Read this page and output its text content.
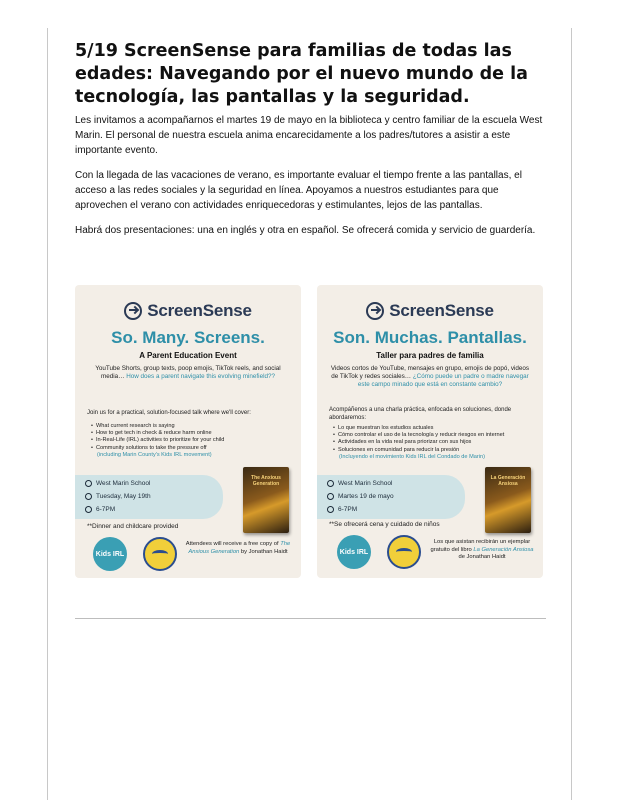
5/19 ScreenSense para familias de todas las edades: Navegando por el nuevo mundo de la tecnología, las pantallas y la seguridad.

Les invitamos a acompañarnos el martes 19 de mayo en la biblioteca y centro familiar de la escuela West Marin. El personal de nuestra escuela anima encarecidamente a los padres/tutores a asistir a este importante evento.

Con la llegada de las vacaciones de verano, es importante evaluar el tiempo frente a las pantallas, el acceso a las redes sociales y la seguridad en línea. Apoyamos a nuestros estudiantes para que aprovechen el verano con actividades enriquecedoras y estimulantes, lejos de las pantallas.

Habrá dos presentaciones: una en inglés y otra en español. Se ofrecerá comida y servicio de guardería.

ScreenSense
So. Many. Screens.
A Parent Education Event
YouTube Shorts, group texts, poop emojis, TikTok reels, and social media… How does a parent navigate this evolving minefield??
Join us for a practical, solution-focused talk where we'll cover:
• What current research is saying
• How to get tech in check & reduce harm online
• In-Real-Life (IRL) activities to prioritize for your child
• Community solutions to take the pressure off
(including Marin County's Kids IRL movement)
West Marin School
Tuesday, May 19th
6-7PM
The Anxious Generation
**Dinner and childcare provided
Kids IRL
Attendees will receive a free copy of The Anxious Generation by Jonathan Haidt
ScreenSense
Son. Muchas. Pantallas.
Taller para padres de familia
Videos cortos de YouTube, mensajes en grupo, emojis de popó, videos de TikTok y redes sociales… ¿Cómo puede un padre o madre navegar este campo minado que está en constante cambio?
Acompáñenos a una charla práctica, enfocada en soluciones, donde abordaremos:
• Lo que muestran los estudios actuales
• Cómo controlar el uso de la tecnología y reducir riesgos en internet
• Actividades en la vida real para priorizar con sus hijos
• Soluciones en comunidad para reducir la presión
(Incluyendo el movimiento Kids IRL del Condado de Marin)
West Marin School
Martes 19 de mayo
6-7PM
La Generación Ansiosa
**Se ofrecerá cena y cuidado de niños
Kids IRL
Los que asistan recibirán un ejemplar gratuito del libro La Generación Ansiosa de Jonathan Haidt
